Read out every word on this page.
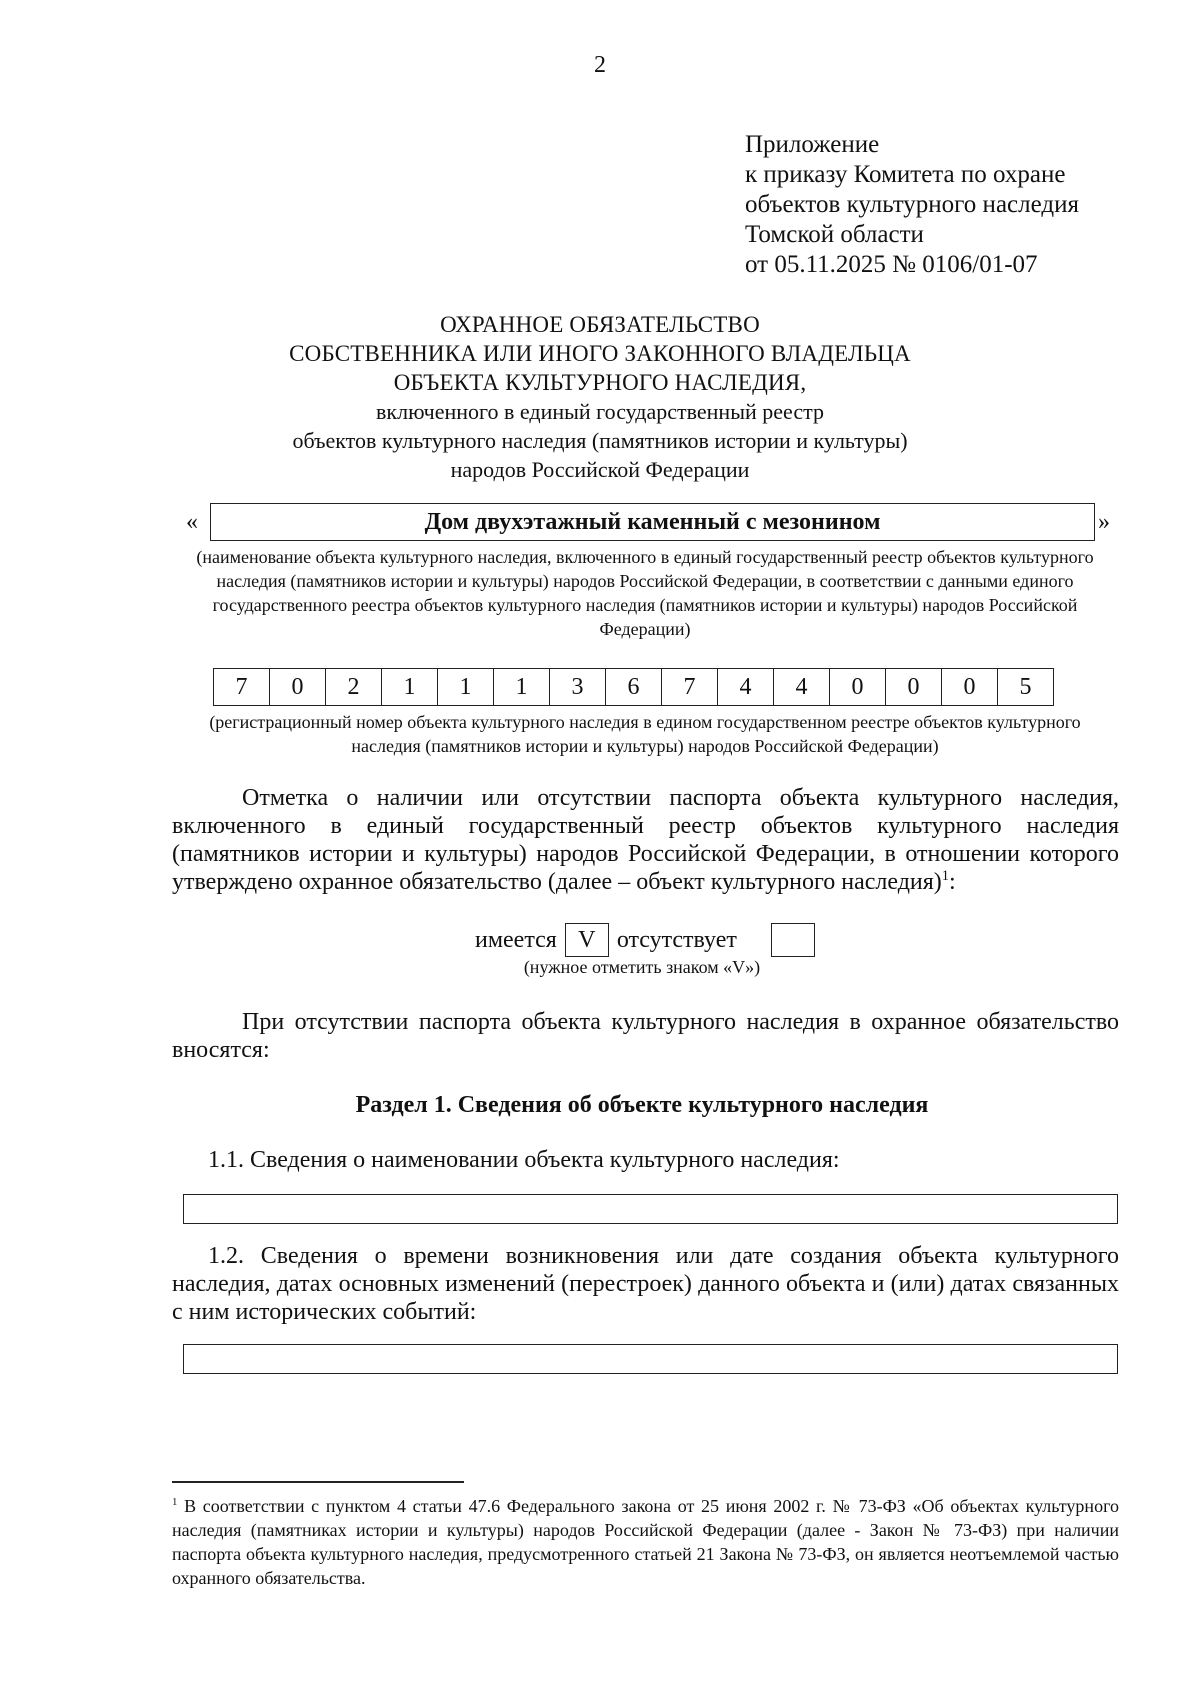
2
Приложение
к приказу Комитета по охране
объектов культурного наследия
Томской области
от 05.11.2025 № 0106/01-07
ОХРАННОЕ ОБЯЗАТЕЛЬСТВО
СОБСТВЕННИКА ИЛИ ИНОГО ЗАКОННОГО ВЛАДЕЛЬЦА
ОБЪЕКТА КУЛЬТУРНОГО НАСЛЕДИЯ,
включенного в единый государственный реестр
объектов культурного наследия (памятников истории и культуры)
народов Российской Федерации
«	Дом двухэтажный каменный с мезонином	»
(наименование объекта культурного наследия, включенного в единый государственный реестр объектов культурного наследия (памятников истории и культуры) народов Российской Федерации, в соответствии с данными единого государственного реестра объектов культурного наследия (памятников истории и культуры) народов Российской Федерации)
7	0	2	1	1	1	3	6	7	4	4	0	0	0	5
(регистрационный номер объекта культурного наследия в едином государственном реестре объектов культурного наследия (памятников истории и культуры) народов Российской Федерации)
Отметка о наличии или отсутствии паспорта объекта культурного наследия, включенного в единый государственный реестр объектов культурного наследия (памятников истории и культуры) народов Российской Федерации, в отношении которого утверждено охранное обязательство (далее – объект культурного наследия)$^1$:
имеется V отсутствует
(нужное отметить знаком «V»)
При отсутствии паспорта объекта культурного наследия в охранное обязательство вносятся:
Раздел 1. Сведения об объекте культурного наследия
1.1. Сведения о наименовании объекта культурного наследия:
1.2. Сведения о времени возникновения или дате создания объекта культурного наследия, датах основных изменений (перестроек) данного объекта и (или) датах связанных с ним исторических событий:
$^1$ В соответствии с пунктом 4 статьи 47.6 Федерального закона от 25 июня 2002 г. № 73-ФЗ «Об объектах культурного наследия (памятниках истории и культуры) народов Российской Федерации (далее - Закон № 73-ФЗ) при наличии паспорта объекта культурного наследия, предусмотренного статьей 21 Закона № 73-ФЗ, он является неотъемлемой частью охранного обязательства.
